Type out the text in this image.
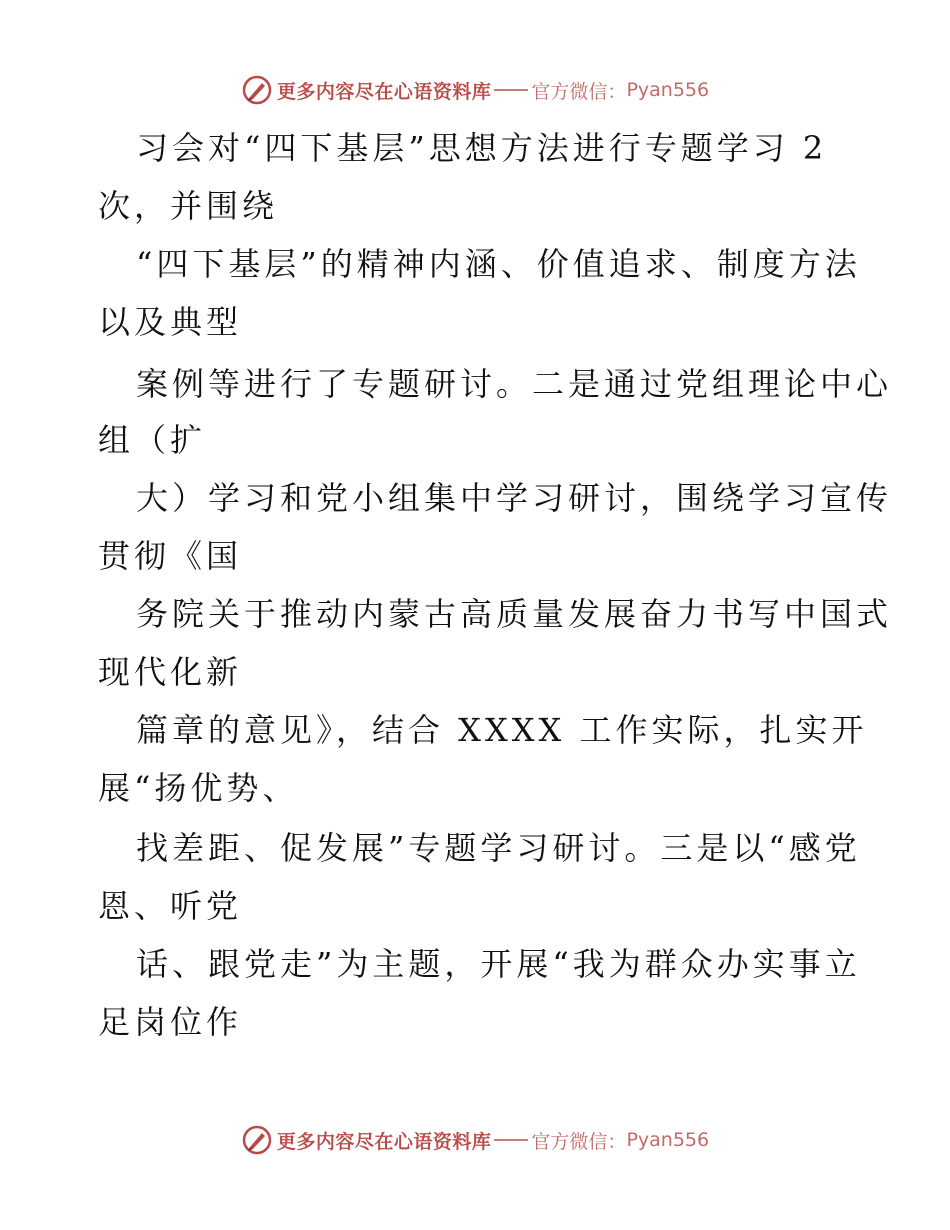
更多内容尽在心语资料库 官方微信： Pyan556
习会对“四下基层”思想方法进行专题学习 2
次，并围绕
“四下基层”的精神内涵、价值追求、制度方法
以及典型
案例等进行了专题研讨。二是通过党组理论中心
组（扩
大）学习和党小组集中学习研讨，围绕学习宣传
贯彻《国
务院关于推动内蒙古高质量发展奋力书写中国式
现代化新
篇章的意见》，结合 XXXX 工作实际，扎实开
展“扬优势、
找差距、促发展”专题学习研讨。三是以“感党
恩、听党
话、跟党走”为主题，开展“我为群众办实事立
足岗位作
更多内容尽在心语资料库 官方微信： Pyan556
